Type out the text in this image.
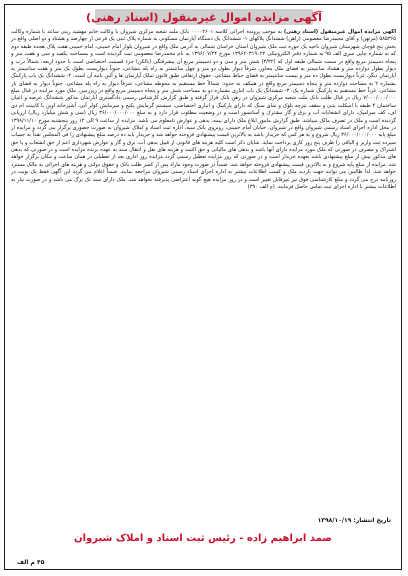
آگهی مزایده اموال غیرمنقول (اسناد رهنی)

آگهی مزایده اموال غیرمنقول (اسناد رهنی) به موجب پرونده اجرائی کلاسه ۰۰۰۰۲۶۰۱ بانک ملت شعبه مرکزی شیروان با وکالت خانم مهشید زینی ساعد با شماره وکالت ۵۸۵۳۶۵ (مرتهن) و آقای محمدرضا معصومی (راهن) ششدانگ پلاکهای ۱- ششدانگ یک دستگاه آپارتمان مسکونی به شماره پلاک ثبتی یک فرعی از چهارصد و هشتاد و دو اصلی واقع در بخش پنج قوچان شهرستان شیروان ناحیه یک حوزه ثبت ملک شیروان استان خراسان شمالی به آدرس ملک واقع در شیروان بلوار امام خمینی، امام خمینی هفت پلاک هجده طبقه دوم که به شماره چاپی سری الف ۹۵ به شماره دفتر الکترونیکی ۱۳۹۶۲۰۳۱۹۰۲۲ مورخ ۱۳۹۶/۰۷/۲۴ به نام محمدرضا معصومی ثبت گردیده است و بمساحت یکصد و سی و هفت متر و پنجاه دسیمتر مربع واقع در سمت شمالی طبقه اول که (۳/۳۲) شش متر و سی و دو دسیمتر مربع آن پیشرفتگی (بالکن) جزء قسمت اختصاصی است با حدود اربعه: شمالاً درب و دیوار بطول دوازده متر و هشتاد سانتیمتر به فضای ملک مجاور، شرقاً دیوار بطول دو متر و چهل سانتیمتر به راه پله مشاعی، جنوباً دیواریست بطول یک متر و هفت سانتیمتر به آپارتمان دیگر، غرباً دیواریست بطول ده متر و بیست سانتیمتر به فضای حیاط مشاعی. حقوق ارتفاقی طبق قانون تملک آپارتمان ها و آئین نامه آن است. ۲- ششدانگ یک باب پارکینگ بشماره ۲ به مساحت دوازده متر و پنجاه دسیمتر مربع واقع در همکف به حدود: شمالاً خط مستقیم به محوطه مشاعی، شرقاً دیوار به راه پله مشاعی، جنوباً دیوار به فضای باز مشاعی، غرباً خط مستقیم به پارکینگ شماره یک. ۳- ششدانگ یک باب انباری بشماره دو به مساحت شش متر و پنجاه دسیمتر مربع واقع در زیرزمین. ملک مورد مزایده در قبال مبلغ ۷/۰۰۰/۰۰۰/۰۰۰ ریال در قبال طلب بانک ملت شعبه مرکزی شیروان در رهن بانک قرار گرفته و طبق گزارش کارشناس رسمی دادگستری آپارتمان مذکور ششدانگ عرصه و اعیان ساختمان ۴ طبقه با اسکلت بتنی و سقف تیرچه بلوک و نمای سنگ که دارای پارکینگ و انباری اختصاصی، سیستم گرمایش پکیج و سرمایش کولر آبی، آشپزخانه اوپن با کابینت ام دی اف، کف سرامیک، دارای انشعابات آب و برق و گاز مشترک و آسانسور است و در وضعیت مطلوب قرار دارد و به مبلغ ۳۶/۰۰۰/۰۰۰/۰۰۰ ریال (سی و شش میلیارد ریال) ارزیابی گردیده است و ملک در تصرف مالک میباشد. طبق گزارش مامور ابلاغ ملک دارای بیمه، بدهی و عوارض نامعلوم می باشد. مزایده از ساعت ۹ الی ۱۲ روز پنجشنبه مورخ ۱۳۹۸/۱۱/۱۰ در محل اداره اجرای اسناد رسمی شیروان واقع در شیروان، خیابان امام خمینی، روبروی بانک سپه، اداره ثبت اسناد و املاک شیروان به صورت حضوری برگزار می گردد و مزایده از مبلغ پایه ۳۶/۰۰۰/۰۰۰/۰۰۰ ریال شروع و به هر کس که خریدار باشد به بالاترین قیمت پیشنهادی فروخته خواهد شد و خریدار باید ده درصد مبلغ پیشنهادی را فی المجلس نقداً به حساب سپرده ثبت واریز و الباقی را ظرف پنج روز کاری پرداخت نماید. شایان ذکر است کلیه هزینه های قانونی از قبیل بدهی آب، برق و گاز و عوارض شهرداری اعم از حق انشعاب و یا حق اشتراک و مصرف در صورتی که ملک مورد مزایده دارای آنها باشد و بدهی های مالیاتی و حق الثبت و هزینه های نقل و انتقال سند به عهده برنده مزایده است و در صورتی که بدهی های مذکور بیش از مبلغ پیشنهادی باشد بعهده خریدار است و در صورتی که روز مزایده تعطیل رسمی گردد مزایده روز اداری بعد از تعطیلی در همان ساعت و مکان برگزار خواهد شد. مزایده از مبلغ پایه شروع و به بالاترین قیمت پیشنهادی فروخته خواهد شد. ضمناً در صورت وجود مازاد پس از کسر طلب بانک و حقوق دولتی و هزینه های اجرائی به مالک مسترد خواهد شد. لذا طالبین می توانند جهت بازدید ملک و کسب اطلاعات بیشتر به اداره اجرای اسناد رسمی شیروان مراجعه نمایند. ضمناً اعلام می گردد این آگهی فقط یک نوبت در روزنامه درج می گردد و مبلغ کارشناسی فوق نیز غیرقابل تغییر است و در روز مزایده هیچ گونه اعتراضی پذیرفته نخواهد شد. ملک دارای سند تک برگ می باشد و در صورت نیاز به اطلاعات بیشتر با اداره اجرای ثبت تماس حاصل فرمایند. (م الف ۳۹۰)

تاریخ انتشار: ۱۳۹۸/۱۰/۱۹
صمد ابراهیم زاده - رئیس ثبت اسناد و املاک شیروان
۴۵ م الف
